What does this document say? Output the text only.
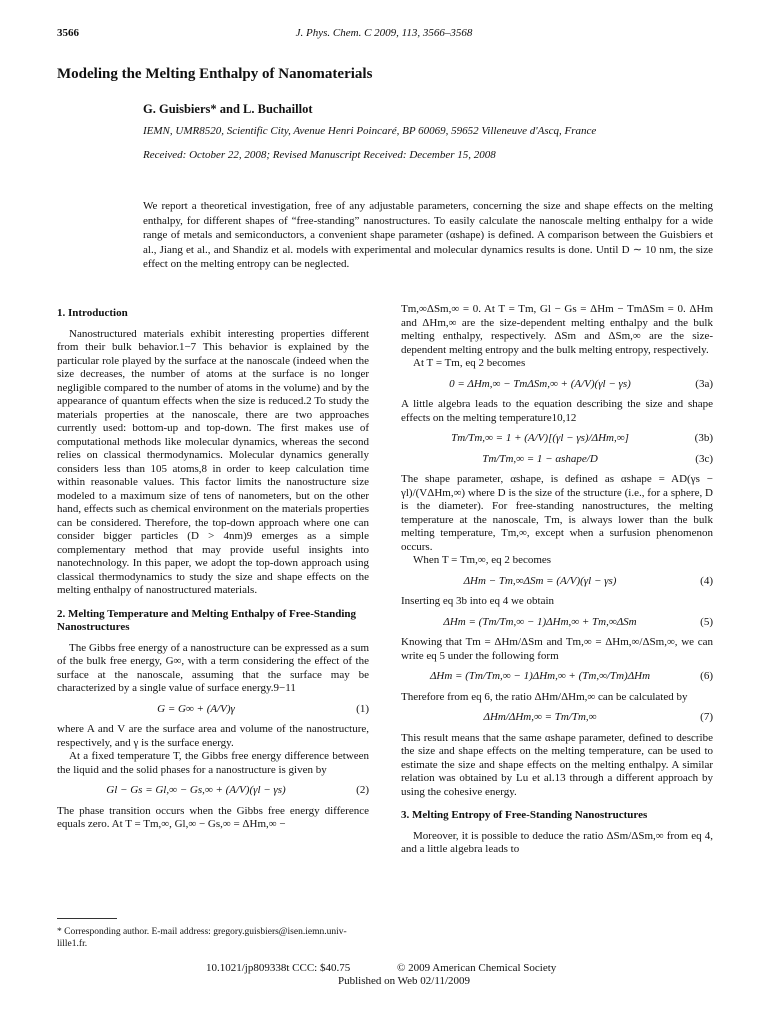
3566	J. Phys. Chem. C 2009, 113, 3566–3568
Modeling the Melting Enthalpy of Nanomaterials
G. Guisbiers* and L. Buchaillot
IEMN, UMR8520, Scientific City, Avenue Henri Poincaré, BP 60069, 59652 Villeneuve d'Ascq, France
Received: October 22, 2008; Revised Manuscript Received: December 15, 2008
We report a theoretical investigation, free of any adjustable parameters, concerning the size and shape effects on the melting enthalpy, for different shapes of “free-standing” nanostructures. To easily calculate the nanoscale melting enthalpy for a wide range of metals and semiconductors, a convenient shape parameter (αshape) is defined. A comparison between the Guisbiers et al., Jiang et al., and Shandiz et al. models with experimental and molecular dynamics results is done. Until D ∼ 10 nm, the size effect on the melting entropy can be neglected.
1. Introduction

Nanostructured materials exhibit interesting properties different from their bulk behavior.1−7 This behavior is explained by the particular role played by the surface at the nanoscale (indeed when the size decreases, the number of atoms at the surface is no longer negligible compared to the number of atoms in the volume) and by the appearance of quantum effects when the size is reduced.2 To study the materials properties at the nanoscale, there are two approaches currently used: bottom-up and top-down. The first makes use of computational methods like molecular dynamics, whereas the second relies on classical thermodynamics. Molecular dynamics generally considers less than 105 atoms,8 in order to keep calculation time within reasonable values. This factor limits the nanostructure size modeled to a maximum size of tens of nanometers, but on the other hand, effects such as chemical environment on the materials properties can be considered. Therefore, the top-down approach where one can consider bigger particles (D > 4nm)9 emerges as a simple complementary method that may provide useful insights into nanotechnology. In this paper, we adopt the top-down approach using classical thermodynamics to study the size and shape effects on the melting enthalpy of nanostructured materials.

2. Melting Temperature and Melting Enthalpy of Free-Standing Nanostructures

The Gibbs free energy of a nanostructure can be expressed as a sum of the bulk free energy, G∞, with a term considering the effect of the surface at the nanoscale, assuming that the surface may be characterized by a single value of surface energy.9−11

G = G∞ + (A/V)γ	(1)

where A and V are the surface area and volume of the nanostructure, respectively, and γ is the surface energy.

At a fixed temperature T, the Gibbs free energy difference between the liquid and the solid phases for a nanostructure is given by

Gl − Gs = Gl,∞ − Gs,∞ + (A/V)(γl − γs)	(2)

The phase transition occurs when the Gibbs free energy difference equals zero. At T = Tm,∞, Gl,∞ − Gs,∞ = ΔHm,∞ −

* Corresponding author. E-mail address: gregory.guisbiers@isen.iemn.univ-lille1.fr.

Tm,∞ΔSm,∞ = 0. At T = Tm, Gl − Gs = ΔHm − TmΔSm = 0. ΔHm and ΔHm,∞ are the size-dependent melting enthalpy and the bulk melting enthalpy, respectively. ΔSm and ΔSm,∞ are the size-dependent melting entropy and the bulk melting entropy, respectively.

At T = Tm, eq 2 becomes

0 = ΔHm,∞ − TmΔSm,∞ + (A/V)(γl − γs)	(3a)

A little algebra leads to the equation describing the size and shape effects on the melting temperature10,12

Tm/Tm,∞ = 1 + (A/V)[(γl − γs)/ΔHm,∞]	(3b)
Tm/Tm,∞ = 1 − αshape/D	(3c)

The shape parameter, αshape, is defined as αshape = AD(γs − γl)/(VΔHm,∞) where D is the size of the structure (i.e., for a sphere, D is the diameter). For free-standing nanostructures, the melting temperature at the nanoscale, Tm, is always lower than the bulk melting temperature, Tm,∞, except when a surfusion phenomenon occurs.

When T = Tm,∞, eq 2 becomes

ΔHm − Tm,∞ΔSm = (A/V)(γl − γs)	(4)

Inserting eq 3b into eq 4 we obtain

ΔHm = (Tm/Tm,∞ − 1)ΔHm,∞ + Tm,∞ΔSm	(5)

Knowing that Tm = ΔHm/ΔSm and Tm,∞ = ΔHm,∞/ΔSm,∞, we can write eq 5 under the following form

ΔHm = (Tm/Tm,∞ − 1)ΔHm,∞ + (Tm,∞/Tm)ΔHm	(6)

Therefore from eq 6, the ratio ΔHm/ΔHm,∞ can be calculated by

ΔHm/ΔHm,∞ = Tm/Tm,∞	(7)

This result means that the same αshape parameter, defined to describe the size and shape effects on the melting temperature, can be used to estimate the size and shape effects on the melting enthalpy. A similar relation was obtained by Lu et al.13 through a different approach by using the cohesive energy.

3. Melting Entropy of Free-Standing Nanostructures

Moreover, it is possible to deduce the ratio ΔSm/ΔSm,∞ from eq 4, and a little algebra leads to

10.1021/jp809338t CCC: $40.75	© 2009 American Chemical Society
Published on Web 02/11/2009
